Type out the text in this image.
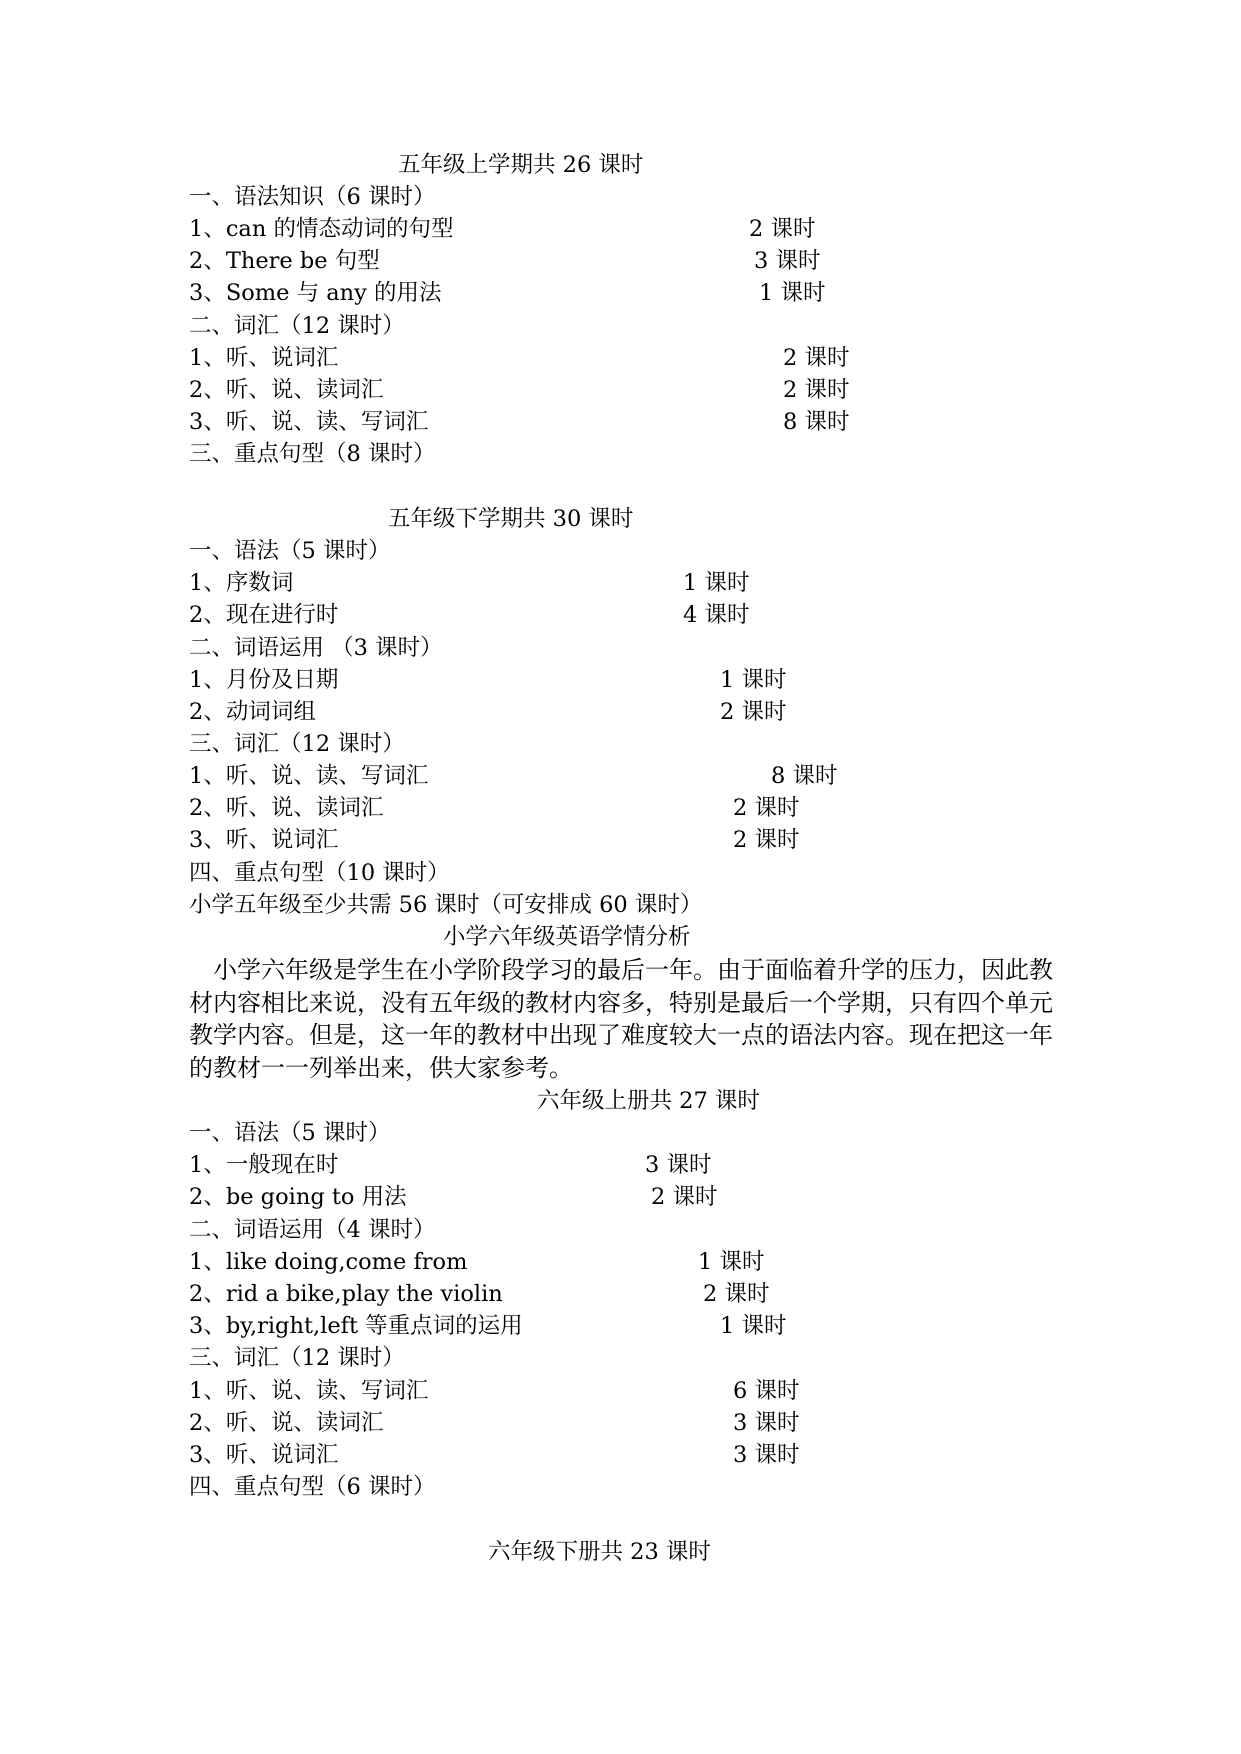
五年级上学期共 26 课时
一、语法知识（6 课时）
1、can 的情态动词的句型	2 课时
2、There be 句型	3 课时
3、Some 与 any 的用法	1 课时
二、词汇（12 课时）
1、听、说词汇	2 课时
2、听、说、读词汇	2 课时
3、听、说、读、写词汇	8 课时
三、重点句型（8 课时）
五年级下学期共 30 课时
一、语法（5 课时）
1、序数词	1 课时
2、现在进行时	4 课时
二、词语运用 （3 课时）
1、月份及日期	1 课时
2、动词词组	2 课时
三、词汇（12 课时）
1、听、说、读、写词汇	8 课时
2、听、说、读词汇	2 课时
3、听、说词汇	2 课时
四、重点句型（10 课时）
小学五年级至少共需 56 课时（可安排成 60 课时）
小学六年级英语学情分析
小学六年级是学生在小学阶段学习的最后一年。由于面临着升学的压力，因此教材内容相比来说，没有五年级的教材内容多，特别是最后一个学期，只有四个单元教学内容。但是，这一年的教材中出现了难度较大一点的语法内容。现在把这一年的教材一一列举出来，供大家参考。
六年级上册共 27 课时
一、语法（5 课时）
1、一般现在时	3 课时
2、be going to 用法	2 课时
二、词语运用（4 课时）
1、like doing,come from	1 课时
2、rid a bike,play the violin	2 课时
3、by,right,left 等重点词的运用	1 课时
三、词汇（12 课时）
1、听、说、读、写词汇	6 课时
2、听、说、读词汇	3 课时
3、听、说词汇	3 课时
四、重点句型（6 课时）
六年级下册共 23 课时
